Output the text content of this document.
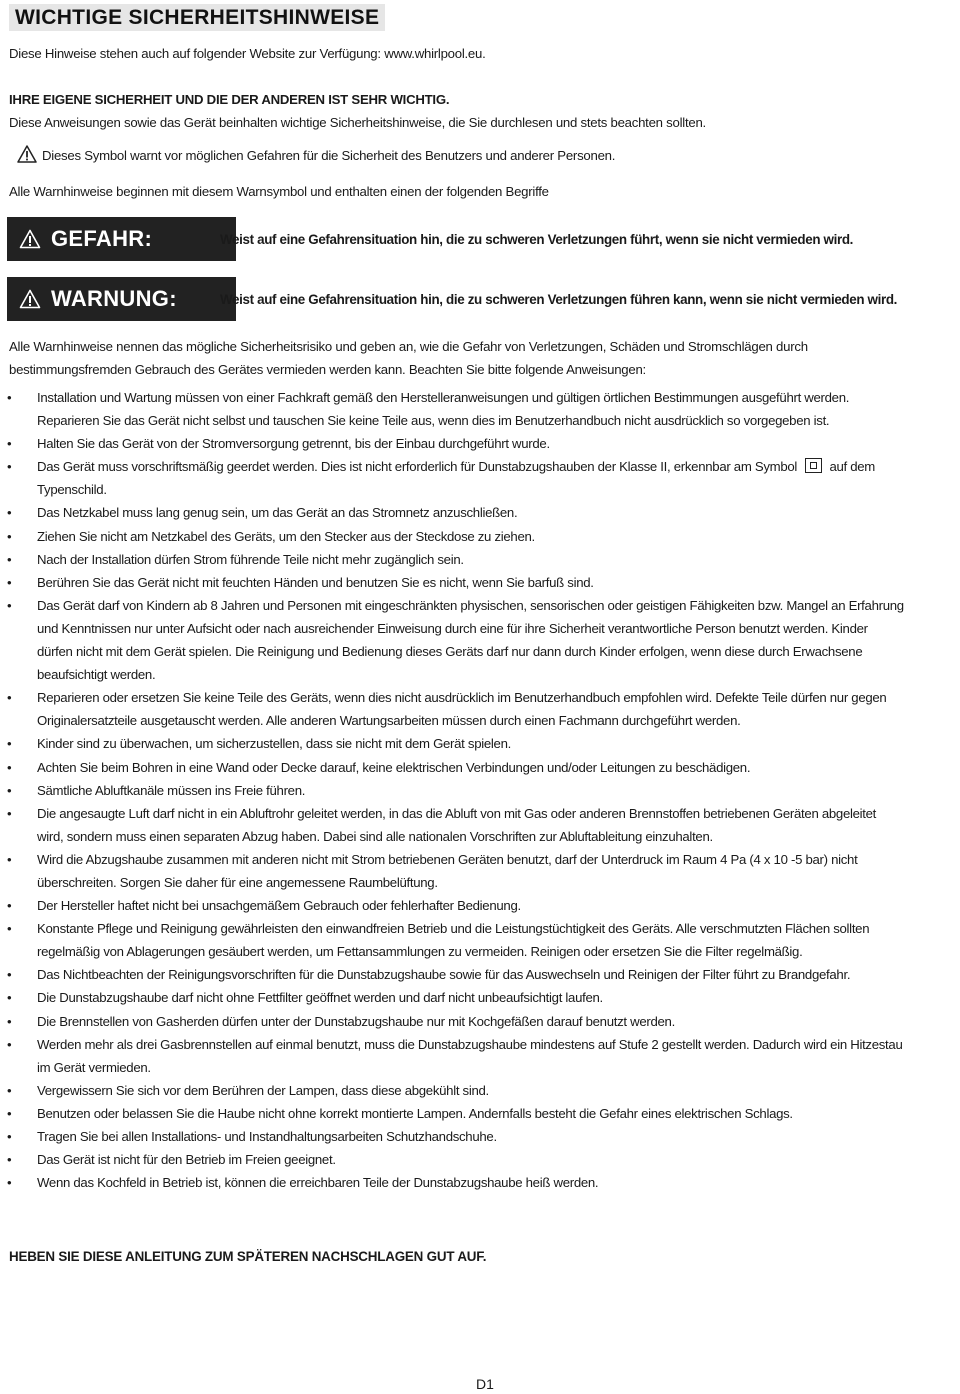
WICHTIGE SICHERHEITSHINWEISE
Diese Hinweise stehen auch auf folgender Website zur Verfügung: www.whirlpool.eu.
IHRE EIGENE SICHERHEIT UND DIE DER ANDEREN IST SEHR WICHTIG.
Diese Anweisungen sowie das Gerät beinhalten wichtige Sicherheitshinweise, die Sie durchlesen und stets beachten sollten.
Dieses Symbol warnt vor möglichen Gefahren für die Sicherheit des Benutzers und anderer Personen.
Alle Warnhinweise beginnen mit diesem Warnsymbol und enthalten einen der folgenden Begriffe
GEFAHR:	Weist auf eine Gefahrensituation hin, die zu schweren Verletzungen führt, wenn sie nicht vermieden wird.
WARNUNG:	Weist auf eine Gefahrensituation hin, die zu schweren Verletzungen führen kann, wenn sie nicht vermieden wird.
Alle Warnhinweise nennen das mögliche Sicherheitsrisiko und geben an, wie die Gefahr von Verletzungen, Schäden und Stromschlägen durch
bestimmungsfremden Gebrauch des Gerätes vermieden werden kann. Beachten Sie bitte folgende Anweisungen:
• Installation und Wartung müssen von einer Fachkraft gemäß den Herstelleranweisungen und gültigen örtlichen Bestimmungen ausgeführt werden.
Reparieren Sie das Gerät nicht selbst und tauschen Sie keine Teile aus, wenn dies im Benutzerhandbuch nicht ausdrücklich so vorgegeben ist.
• Halten Sie das Gerät von der Stromversorgung getrennt, bis der Einbau durchgeführt wurde.
• Das Gerät muss vorschriftsmäßig geerdet werden. Dies ist nicht erforderlich für Dunstabzugshauben der Klasse II, erkennbar am Symbol auf dem
Typenschild.
• Das Netzkabel muss lang genug sein, um das Gerät an das Stromnetz anzuschließen.
• Ziehen Sie nicht am Netzkabel des Geräts, um den Stecker aus der Steckdose zu ziehen.
• Nach der Installation dürfen Strom führende Teile nicht mehr zugänglich sein.
• Berühren Sie das Gerät nicht mit feuchten Händen und benutzen Sie es nicht, wenn Sie barfuß sind.
• Das Gerät darf von Kindern ab 8 Jahren und Personen mit eingeschränkten physischen, sensorischen oder geistigen Fähigkeiten bzw. Mangel an Erfahrung
und Kenntnissen nur unter Aufsicht oder nach ausreichender Einweisung durch eine für ihre Sicherheit verantwortliche Person benutzt werden. Kinder
dürfen nicht mit dem Gerät spielen. Die Reinigung und Bedienung dieses Geräts darf nur dann durch Kinder erfolgen, wenn diese durch Erwachsene
beaufsichtigt werden.
• Reparieren oder ersetzen Sie keine Teile des Geräts, wenn dies nicht ausdrücklich im Benutzerhandbuch empfohlen wird. Defekte Teile dürfen nur gegen
Originalersatzteile ausgetauscht werden. Alle anderen Wartungsarbeiten müssen durch einen Fachmann durchgeführt werden.
• Kinder sind zu überwachen, um sicherzustellen, dass sie nicht mit dem Gerät spielen.
• Achten Sie beim Bohren in eine Wand oder Decke darauf, keine elektrischen Verbindungen und/oder Leitungen zu beschädigen.
• Sämtliche Abluftkanäle müssen ins Freie führen.
• Die angesaugte Luft darf nicht in ein Abluftrohr geleitet werden, in das die Abluft von mit Gas oder anderen Brennstoffen betriebenen Geräten abgeleitet
wird, sondern muss einen separaten Abzug haben. Dabei sind alle nationalen Vorschriften zur Abluftableitung einzuhalten.
• Wird die Abzugshaube zusammen mit anderen nicht mit Strom betriebenen Geräten benutzt, darf der Unterdruck im Raum 4 Pa (4 x 10 -5 bar) nicht
überschreiten. Sorgen Sie daher für eine angemessene Raumbelüftung.
• Der Hersteller haftet nicht bei unsachgemäßem Gebrauch oder fehlerhafter Bedienung.
• Konstante Pflege und Reinigung gewährleisten den einwandfreien Betrieb und die Leistungstüchtigkeit des Geräts. Alle verschmutzten Flächen sollten
regelmäßig von Ablagerungen gesäubert werden, um Fettansammlungen zu vermeiden. Reinigen oder ersetzen Sie die Filter regelmäßig.
• Das Nichtbeachten der Reinigungsvorschriften für die Dunstabzugshaube sowie für das Auswechseln und Reinigen der Filter führt zu Brandgefahr.
• Die Dunstabzugshaube darf nicht ohne Fettfilter geöffnet werden und darf nicht unbeaufsichtigt laufen.
• Die Brennstellen von Gasherden dürfen unter der Dunstabzugshaube nur mit Kochgefäßen darauf benutzt werden.
• Werden mehr als drei Gasbrennstellen auf einmal benutzt, muss die Dunstabzugshaube mindestens auf Stufe 2 gestellt werden. Dadurch wird ein Hitzestau
im Gerät vermieden.
• Vergewissern Sie sich vor dem Berühren der Lampen, dass diese abgekühlt sind.
• Benutzen oder belassen Sie die Haube nicht ohne korrekt montierte Lampen. Andernfalls besteht die Gefahr eines elektrischen Schlags.
• Tragen Sie bei allen Installations- und Instandhaltungsarbeiten Schutzhandschuhe.
• Das Gerät ist nicht für den Betrieb im Freien geeignet.
• Wenn das Kochfeld in Betrieb ist, können die erreichbaren Teile der Dunstabzugshaube heiß werden.
HEBEN SIE DIESE ANLEITUNG ZUM SPÄTEREN NACHSCHLAGEN GUT AUF.
D1
